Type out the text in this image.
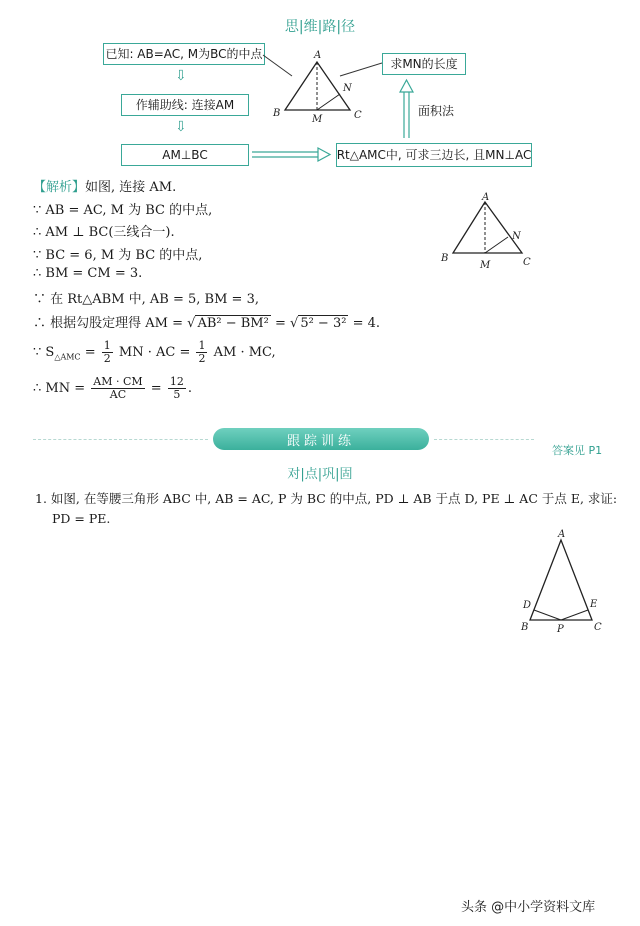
思|维|路|径
已知: AB=AC, M为BC的中点
⇩
作辅助线: 连接AM
⇩
AM⊥BC
求MN的长度
Rt△AMC中, 可求三边长, 且MN⊥AC
面积法
A
B	C
M
N
【解析】如图, 连接 AM.
∵ AB = AC, M 为 BC 的中点,
∴ AM ⊥ BC(三线合一).
∵ BC = 6, M 为 BC 的中点,
∴ BM = CM = 3.
∵ 在 Rt△ABM 中, AB = 5, BM = 3,
∴ 根据勾股定理得 AM = √ AB² − BM² = √ 5² − 3² = 4.
∵ $S_{\triangle AMC} = \frac{1}{2}$ MN · AC = $\frac{1}{2}$ AM · MC,
∴ MN = $\frac{AM \cdot CM}{AC} = \frac{12}{5}$ .
A
B	C
M
N
跟踪训练
答案见 P1
对|点|巩|固
1. 如图, 在等腰三角形 ABC 中, AB = AC, P 为 BC 的中点, PD ⊥ AB 于点 D, PE ⊥ AC 于点 E, 求证:
PD = PE.
A
B	C
D	E
P
头条 @中小学资料文库
